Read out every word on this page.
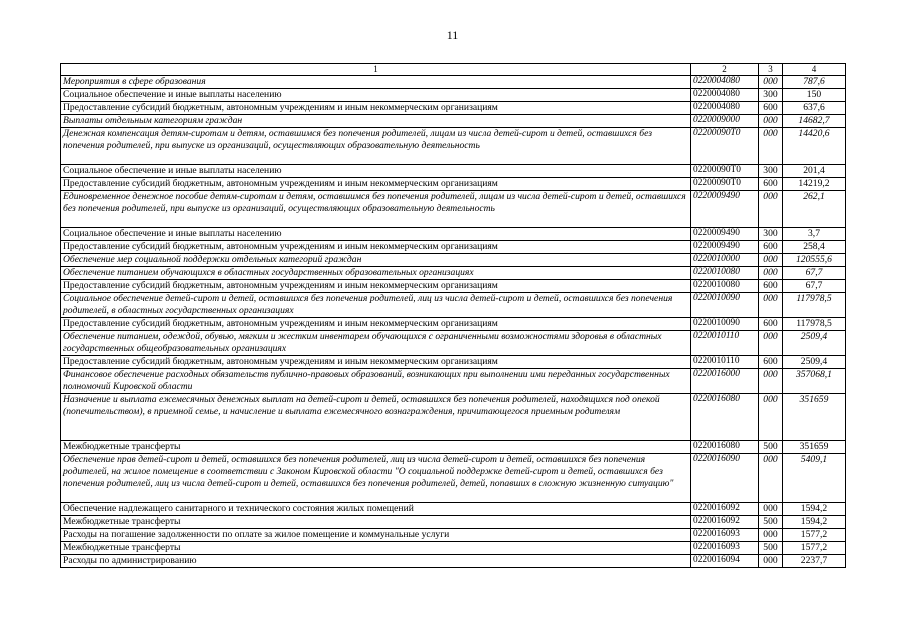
11
1	2	3	4
Мероприятия в сфере образования	0220004080	000	787,6
Социальное обеспечение и иные выплаты населению	0220004080	300	150
Предоставление субсидий бюджетным, автономным учреждениям и иным некоммерческим организациям	0220004080	600	637,6
Выплаты отдельным категориям граждан	0220009000	000	14682,7
Денежная компенсация детям-сиротам и детям, оставшимся без попечения родителей, лицам из числа детей-сирот и детей, оставшихся без попечения родителей, при выпуске из организаций, осуществляющих образовательную деятельность	02200090Т0	000	14420,6
Социальное обеспечение и иные выплаты населению	02200090Т0	300	201,4
Предоставление субсидий бюджетным, автономным учреждениям и иным некоммерческим организациям	02200090Т0	600	14219,2
Единовременное денежное пособие детям-сиротам и детям, оставшимся без попечения родителей, лицам из числа детей-сирот и детей, оставшихся без попечения родителей, при выпуске из организаций, осуществляющих образовательную деятельность	0220009490	000	262,1
Социальное обеспечение и иные выплаты населению	0220009490	300	3,7
Предоставление субсидий бюджетным, автономным учреждениям и иным некоммерческим организациям	0220009490	600	258,4
Обеспечение мер социальной поддержки отдельных категорий граждан	0220010000	000	120555,6
Обеспечение питанием обучающихся в областных государственных образовательных организациях	0220010080	000	67,7
Предоставление субсидий бюджетным, автономным учреждениям и иным некоммерческим организациям	0220010080	600	67,7
Социальное обеспечение детей-сирот и детей, оставшихся без попечения родителей, лиц из числа детей-сирот и детей, оставшихся без попечения родителей, в областных государственных организациях	0220010090	000	117978,5
Предоставление субсидий бюджетным, автономным учреждениям и иным некоммерческим организациям	0220010090	600	117978,5
Обеспечение питанием, одеждой, обувью, мягким и жестким инвентарем обучающихся с ограниченными возможностями здоровья в областных государственных общеобразовательных организациях	0220010110	000	2509,4
Предоставление субсидий бюджетным, автономным учреждениям и иным некоммерческим организациям	0220010110	600	2509,4
Финансовое обеспечение расходных обязательств публично-правовых образований, возникающих при выполнении ими переданных государственных полномочий Кировской области	0220016000	000	357068,1
Назначение и выплата ежемесячных денежных выплат на детей-сирот и детей, оставшихся без попечения родителей, находящихся под опекой (попечительством), в приемной семье, и начисление и выплата ежемесячного вознаграждения, причитающегося приемным родителям	0220016080	000	351659
Межбюджетные трансферты	0220016080	500	351659
Обеспечение прав детей-сирот и детей, оставшихся без попечения родителей, лиц из числа детей-сирот и детей, оставшихся без попечения родителей, на жилое помещение в соответствии с Законом Кировской области "О социальной поддержке детей-сирот и детей, оставшихся без попечения родителей, лиц из числа детей-сирот и детей, оставшихся без попечения родителей, детей, попавших в сложную жизненную ситуацию"	0220016090	000	5409,1
Обеспечение надлежащего санитарного и технического состояния жилых помещений	0220016092	000	1594,2
Межбюджетные трансферты	0220016092	500	1594,2
Расходы на погашение задолженности по оплате за жилое помещение и коммунальные услуги	0220016093	000	1577,2
Межбюджетные трансферты	0220016093	500	1577,2
Расходы по администрированию	0220016094	000	2237,7
